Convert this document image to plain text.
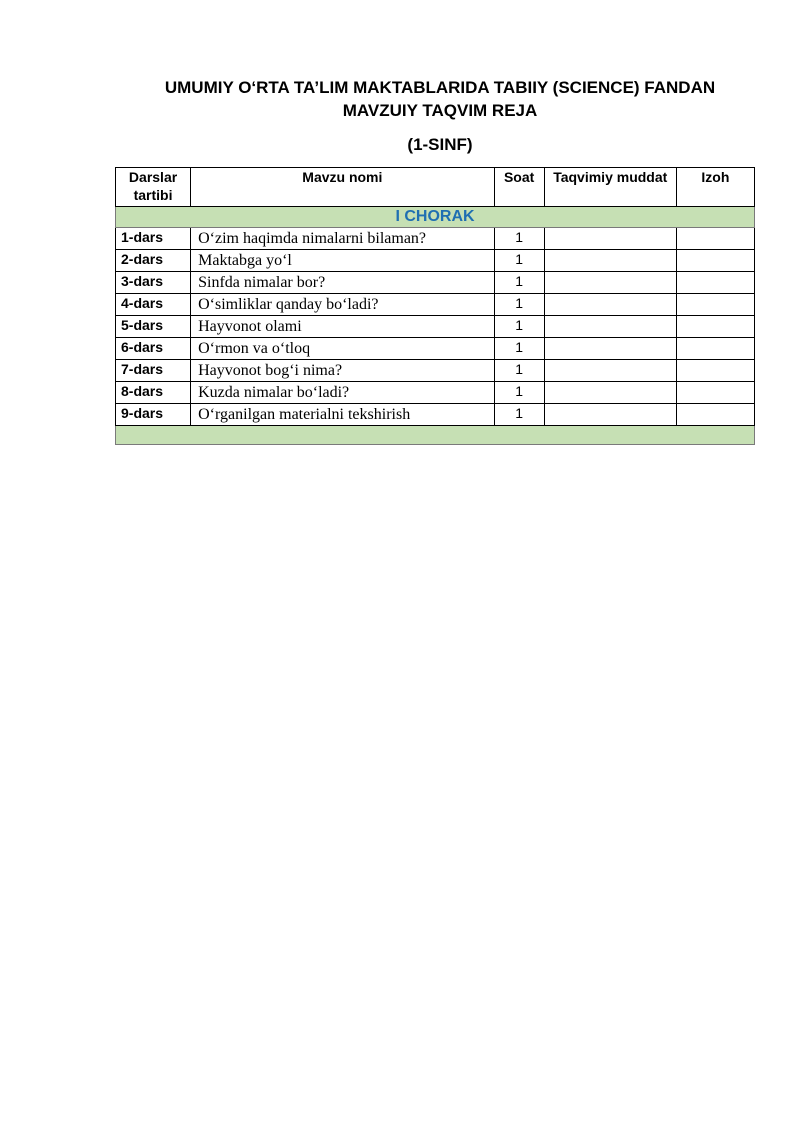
UMUMIY O‘RTA TA’LIM MAKTABLARIDA TABIIY (SCIENCE) FANDAN
MAVZUIY TAQVIM REJA
(1-SINF)
Darslar tartibi	Mavzu nomi	Soat	Taqvimiy muddat	Izoh
I CHORAK				
1-dars	O‘zim haqimda nimalarni bilaman?	1		
2-dars	Maktabga yo‘l	1		
3-dars	Sinfda nimalar bor?	1		
4-dars	O‘simliklar qanday bo‘ladi?	1		
5-dars	Hayvonot olami	1		
6-dars	O‘rmon va o‘tloq	1		
7-dars	Hayvonot bog‘i nima?	1		
8-dars	Kuzda nimalar bo‘ladi?	1		
9-dars	O‘rganilgan materialni tekshirish	1		
